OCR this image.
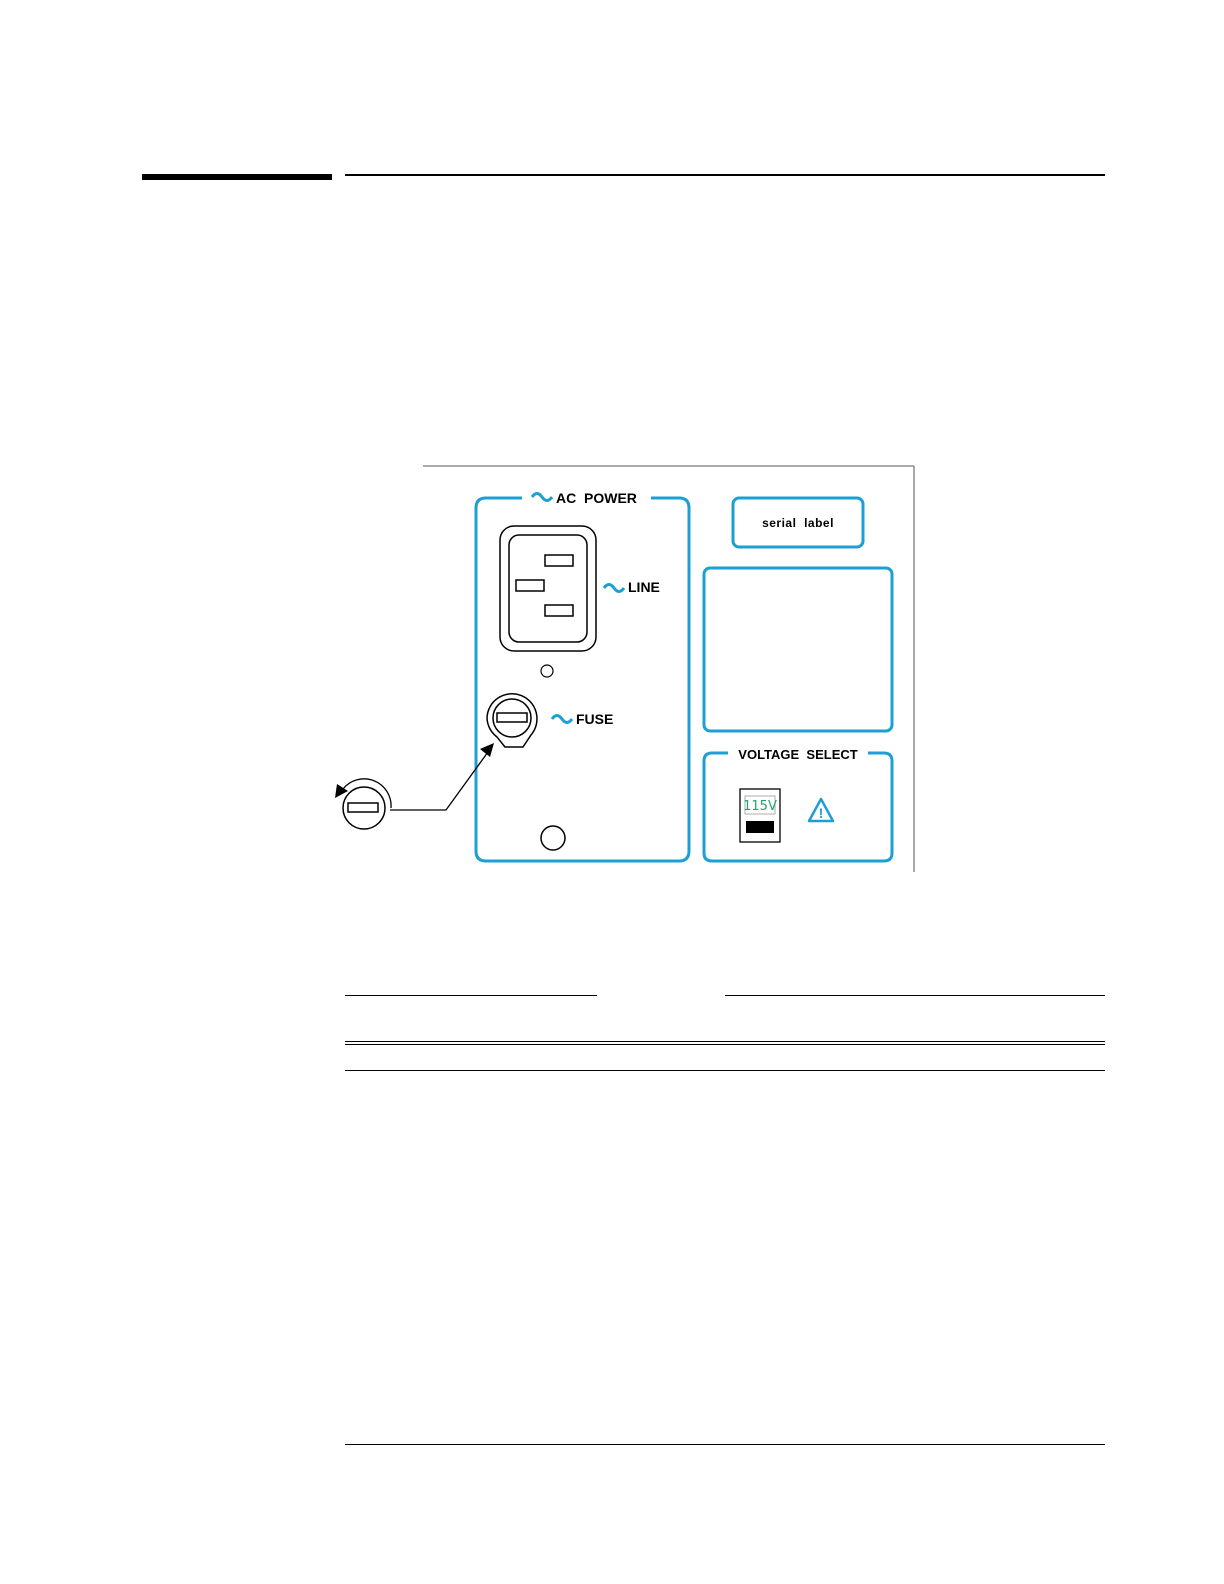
AC  POWER
LINE
FUSE
serial  label
VOLTAGE  SELECT
115V	!
